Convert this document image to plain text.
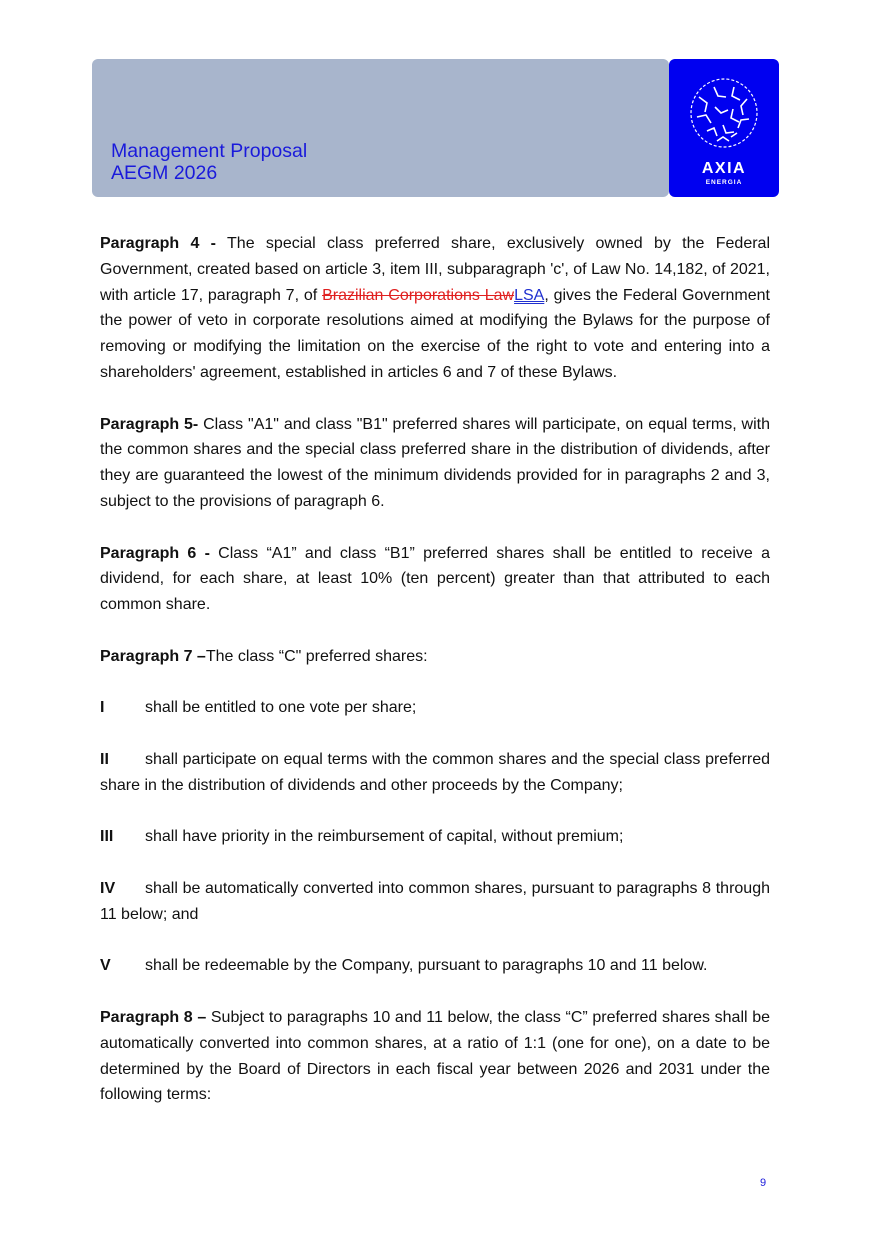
Management Proposal
AEGM 2026	AXIA
ENERGIA

Paragraph 4 - The special class preferred share, exclusively owned by the Federal Government, created based on article 3, item III, subparagraph 'c', of Law No. 14,182, of 2021, with article 17, paragraph 7, of Brazilian Corporations LawLSA, gives the Federal Government the power of veto in corporate resolutions aimed at modifying the Bylaws for the purpose of removing or modifying the limitation on the exercise of the right to vote and entering into a shareholders' agreement, established in articles 6 and 7 of these Bylaws.

Paragraph 5- Class "A1" and class "B1" preferred shares will participate, on equal terms, with the common shares and the special class preferred share in the distribution of dividends, after they are guaranteed the lowest of the minimum dividends provided for in paragraphs 2 and 3, subject to the provisions of paragraph 6.

Paragraph 6 - Class “A1” and class “B1” preferred shares shall be entitled to receive a dividend, for each share, at least 10% (ten percent) greater than that attributed to each common share.

Paragraph 7 –The class “C" preferred shares:

I	shall be entitled to one vote per share;

II shall participate on equal terms with the common shares and the special class preferred share in the distribution of dividends and other proceeds by the Company;

III shall have priority in the reimbursement of capital, without premium;

IV shall be automatically converted into common shares, pursuant to paragraphs 8 through 11 below; and

V shall be redeemable by the Company, pursuant to paragraphs 10 and 11 below.

Paragraph 8 – Subject to paragraphs 10 and 11 below, the class “C” preferred shares shall be automatically converted into common shares, at a ratio of 1:1 (one for one), on a date to be determined by the Board of Directors in each fiscal year between 2026 and 2031 under the following terms:

9
